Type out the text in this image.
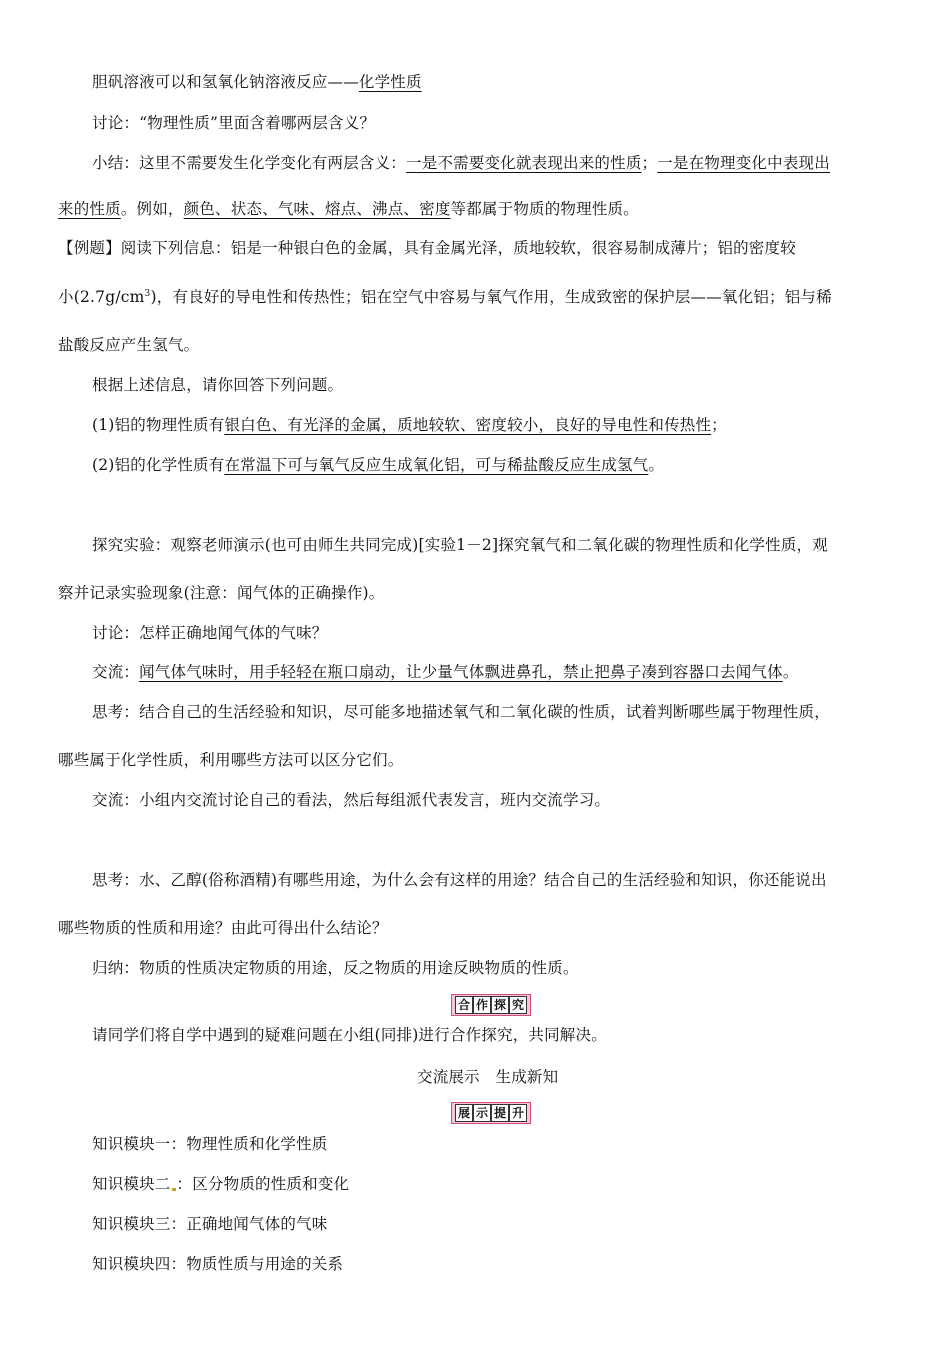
胆矾溶液可以和氢氧化钠溶液反应——化学性质
讨论：“物理性质”里面含着哪两层含义？
小结：这里不需要发生化学变化有两层含义：一是不需要变化就表现出来的性质；一是在物理变化中表现出
来的性质。例如，颜色、状态、气味、熔点、沸点、密度等都属于物质的物理性质。
【例题】阅读下列信息：铝是一种银白色的金属，具有金属光泽，质地较软，很容易制成薄片；铝的密度较
小$(2.7g/cm^3)$，有良好的导电性和传热性；铝在空气中容易与氧气作用，生成致密的保护层——氧化铝；铝与稀
盐酸反应产生氢气。
根据上述信息，请你回答下列问题。
(1)铝的物理性质有银白色、有光泽的金属，质地较软、密度较小，良好的导电性和传热性；
(2)铝的化学性质有在常温下可与氧气反应生成氧化铝，可与稀盐酸反应生成氢气。
探究实验：观察老师演示(也可由师生共同完成)[实验1－2]探究氧气和二氧化碳的物理性质和化学性质，观
察并记录实验现象(注意：闻气体的正确操作)。
讨论：怎样正确地闻气体的气味？
交流：闻气体气味时，用手轻轻在瓶口扇动，让少量气体飘进鼻孔，禁止把鼻子凑到容器口去闻气体。
思考：结合自己的生活经验和知识，尽可能多地描述氧气和二氧化碳的性质，试着判断哪些属于物理性质，
哪些属于化学性质，利用哪些方法可以区分它们。
交流：小组内交流讨论自己的看法，然后每组派代表发言，班内交流学习。
思考：水、乙醇(俗称酒精)有哪些用途，为什么会有这样的用途？结合自己的生活经验和知识，你还能说出
哪些物质的性质和用途？由此可得出什么结论？
归纳：物质的性质决定物质的用途，反之物质的用途反映物质的性质。
合 作 探 究
请同学们将自学中遇到的疑难问题在小组(同排)进行合作探究，共同解决。
交流展示　生成新知
展 示 提 升
知识模块一：物理性质和化学性质
知识模块二 ：区分物质的性质和变化
知识模块三：正确地闻气体的气味
知识模块四：物质性质与用途的关系
